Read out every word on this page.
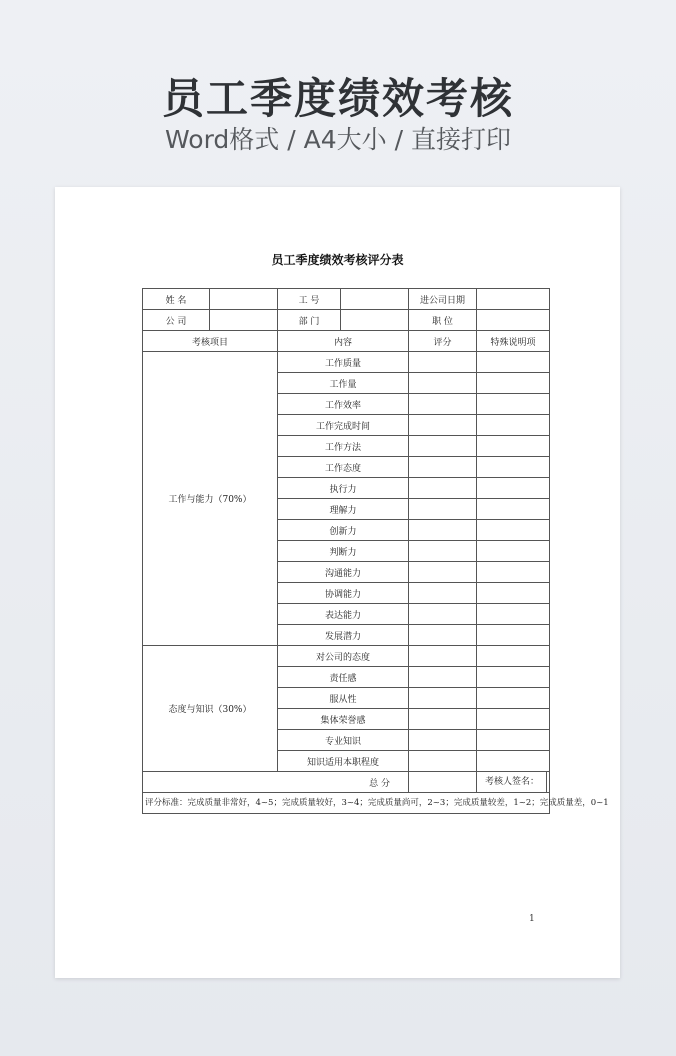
员工季度绩效考核
Word格式 / A4大小 / 直接打印
员工季度绩效考核评分表
姓 名		工 号		进公司日期	
公 司		部 门		职 位	
考核项目		内容		评分	特殊说明项
工作与能力（70%）		工作质量			
		工作量			
		工作效率			
		工作完成时间			
		工作方法			
		工作态度			
		执行力			
		理解力			
		创新力			
		判断力			
		沟通能力			
		协调能力			
		表达能力			
		发展潜力			
态度与知识（30%）		对公司的态度			
		责任感			
		服从性			
		集体荣誉感			
		专业知识			
		知识适用本职程度			
总 分					考核人签名：
评分标准：完成质量非常好，4~5；完成质量较好，3~4；完成质量尚可，2~3；完成质量较差，1~2；完成质量差，0~1					
1
